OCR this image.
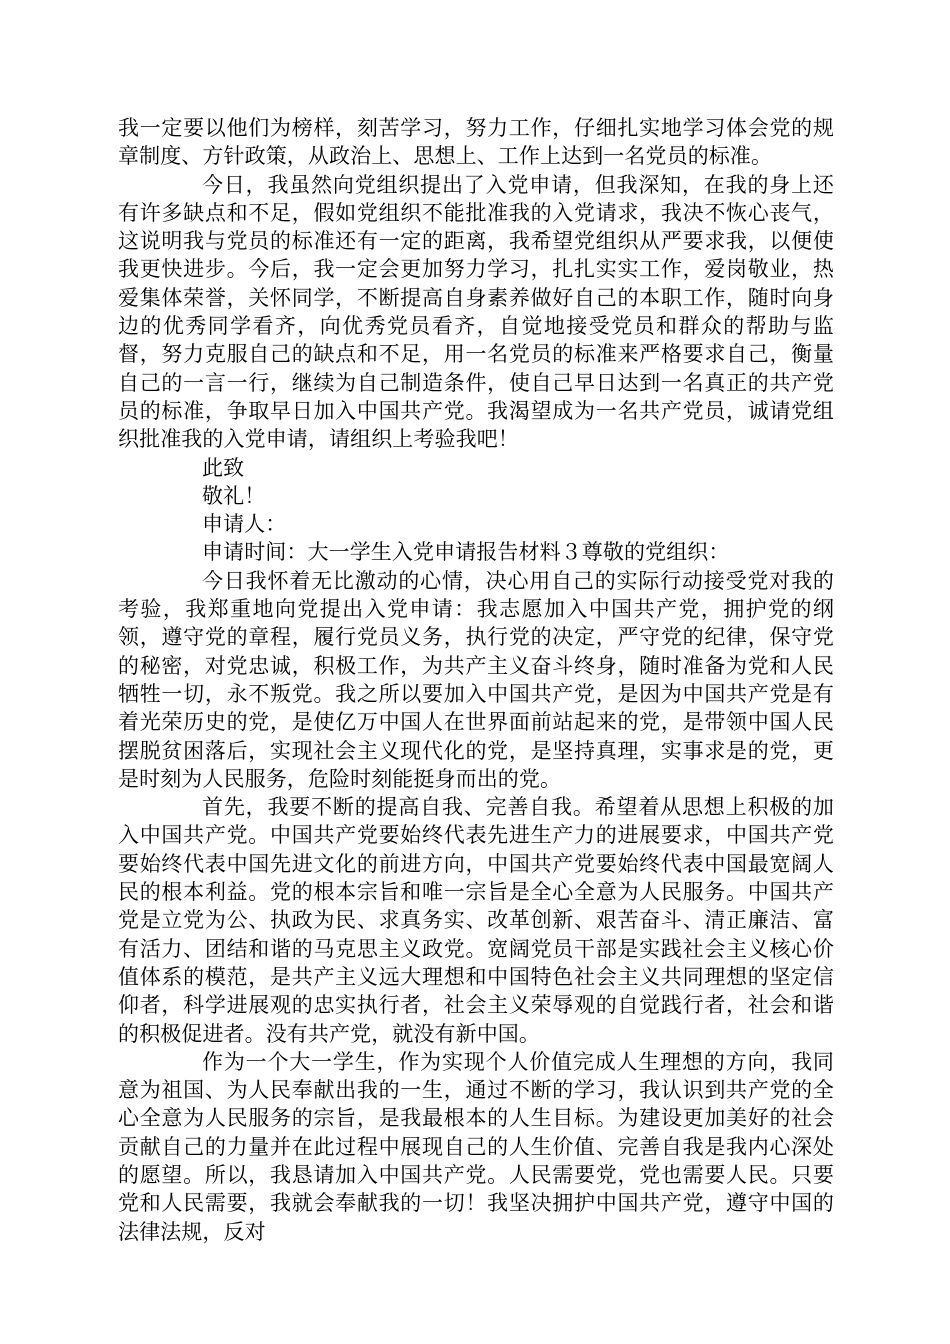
我一定要以他们为榜样，刻苦学习，努力工作，仔细扎实地学习体会党的规章制度、方针政策，从政治上、思想上、工作上达到一名党员的标准。

今日，我虽然向党组织提出了入党申请，但我深知，在我的身上还有许多缺点和不足，假如党组织不能批准我的入党请求，我决不恢心丧气，这说明我与党员的标准还有一定的距离，我希望党组织从严要求我，以便使我更快进步。今后，我一定会更加努力学习，扎扎实实工作，爱岗敬业，热爱集体荣誉，关怀同学，不断提高自身素养做好自己的本职工作，随时向身边的优秀同学看齐，向优秀党员看齐，自觉地接受党员和群众的帮助与监督，努力克服自己的缺点和不足，用一名党员的标准来严格要求自己，衡量自己的一言一行，继续为自己制造条件，使自己早日达到一名真正的共产党员的标准，争取早日加入中国共产党。我渴望成为一名共产党员，诚请党组织批准我的入党申请，请组织上考验我吧！

此致

敬礼！

申请人：

申请时间：大一学生入党申请报告材料３尊敬的党组织：

今日我怀着无比激动的心情，决心用自己的实际行动接受党对我的考验，我郑重地向党提出入党申请：我志愿加入中国共产党，拥护党的纲领，遵守党的章程，履行党员义务，执行党的决定，严守党的纪律，保守党的秘密，对党忠诚，积极工作，为共产主义奋斗终身，随时准备为党和人民牺牲一切，永不叛党。我之所以要加入中国共产党，是因为中国共产党是有着光荣历史的党，是使亿万中国人在世界面前站起来的党，是带领中国人民摆脱贫困落后，实现社会主义现代化的党，是坚持真理，实事求是的党，更是时刻为人民服务，危险时刻能挺身而出的党。

首先，我要不断的提高自我、完善自我。希望着从思想上积极的加入中国共产党。中国共产党要始终代表先进生产力的进展要求，中国共产党要始终代表中国先进文化的前进方向，中国共产党要始终代表中国最宽阔人民的根本利益。党的根本宗旨和唯一宗旨是全心全意为人民服务。中国共产党是立党为公、执政为民、求真务实、改革创新、艰苦奋斗、清正廉洁、富有活力、团结和谐的马克思主义政党。宽阔党员干部是实践社会主义核心价值体系的模范，是共产主义远大理想和中国特色社会主义共同理想的坚定信仰者，科学进展观的忠实执行者，社会主义荣辱观的自觉践行者，社会和谐的积极促进者。没有共产党，就没有新中国。

作为一个大一学生，作为实现个人价值完成人生理想的方向，我同意为祖国、为人民奉献出我的一生，通过不断的学习，我认识到共产党的全心全意为人民服务的宗旨，是我最根本的人生目标。为建设更加美好的社会贡献自己的力量并在此过程中展现自己的人生价值、完善自我是我内心深处的愿望。所以，我恳请加入中国共产党。人民需要党，党也需要人民。只要党和人民需要，我就会奉献我的一切！我坚决拥护中国共产党，遵守中国的法律法规，反对
